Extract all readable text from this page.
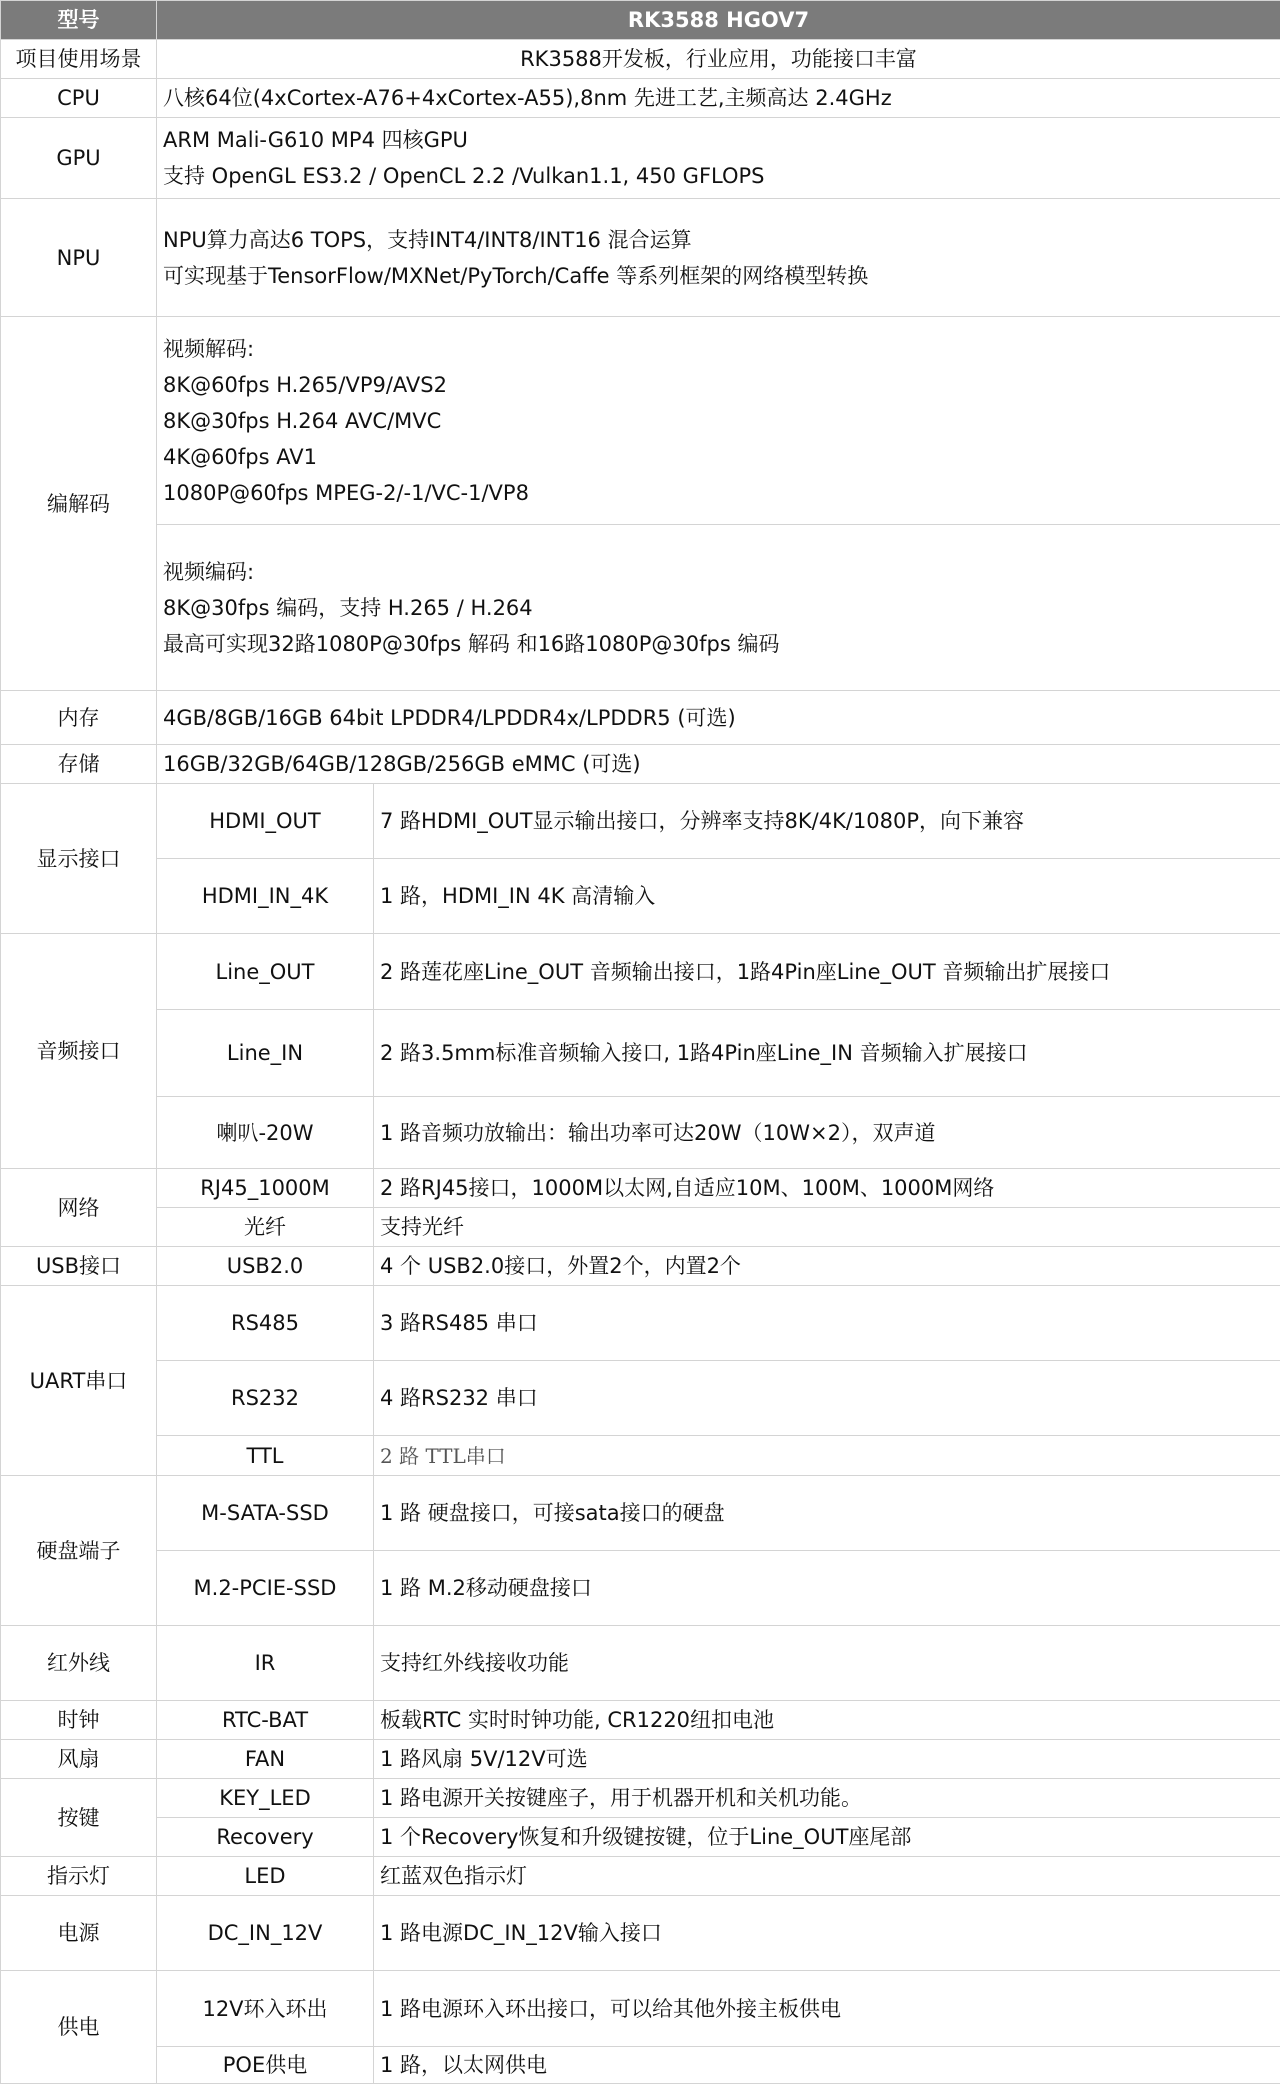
型号	RK3588 HGOV7	
项目使用场景	RK3588开发板，行业应用，功能接口丰富	
CPU	八核64位(4xCortex-A76+4xCortex-A55),8nm 先进工艺,主频高达 2.4GHz	
GPU	ARM Mali-G610 MP4 四核GPU
支持 OpenGL ES3.2 / OpenCL 2.2 /Vulkan1.1, 450 GFLOPS	

NPU	NPU算力高达6 TOPS，支持INT4/INT8/INT16 混合运算
可实现基于TensorFlow/MXNet/PyTorch/Caffe 等系列框架的网络模型转换	

编解码	视频解码:
8K@60fps H.265/VP9/AVS2
8K@30fps H.264 AVC/MVC
4K@60fps AV1
1080P@60fps MPEG-2/-1/VC-1/VP8	

	视频编码:
8K@30fps 编码，支持 H.265 / H.264
最高可实现32路1080P@30fps 解码 和16路1080P@30fps 编码	

内存	4GB/8GB/16GB 64bit LPDDR4/LPDDR4x/LPDDR5 (可选)	
存储	16GB/32GB/64GB/128GB/256GB eMMC (可选)	
显示接口	HDMI_OUT	7 路HDMI_OUT显示输出接口，分辨率支持8K/4K/1080P，向下兼容
	HDMI_IN_4K	1 路，HDMI_IN 4K 高清输入
音频接口	Line_OUT	2 路莲花座Line_OUT 音频输出接口，1路4Pin座Line_OUT 音频输出扩展接口
	Line_IN	2 路3.5mm标准音频输入接口, 1路4Pin座Line_IN 音频输入扩展接口
	喇叭-20W	1 路音频功放输出：输出功率可达20W（10W×2），双声道
网络	RJ45_1000M	2 路RJ45接口，1000M以太网,自适应10M、100M、1000M网络
	光纤	支持光纤
USB接口	USB2.0	4 个 USB2.0接口，外置2个，内置2个
UART串口	RS485	3 路RS485 串口
	RS232	4 路RS232 串口
	TTL	2 路 TTL串口
硬盘端子	M-SATA-SSD	1 路 硬盘接口，可接sata接口的硬盘
	M.2-PCIE-SSD	1 路 M.2移动硬盘接口
红外线	IR	支持红外线接收功能
时钟	RTC-BAT	板载RTC 实时时钟功能, CR1220纽扣电池
风扇	FAN	1 路风扇 5V/12V可选
按键	KEY_LED	1 路电源开关按键座子，用于机器开机和关机功能。
	Recovery	1 个Recovery恢复和升级键按键，位于Line_OUT座尾部
指示灯	LED	红蓝双色指示灯
电源	DC_IN_12V	1 路电源DC_IN_12V输入接口
供电	12V环入环出	1 路电源环入环出接口，可以给其他外接主板供电
	POE供电	1 路，以太网供电
